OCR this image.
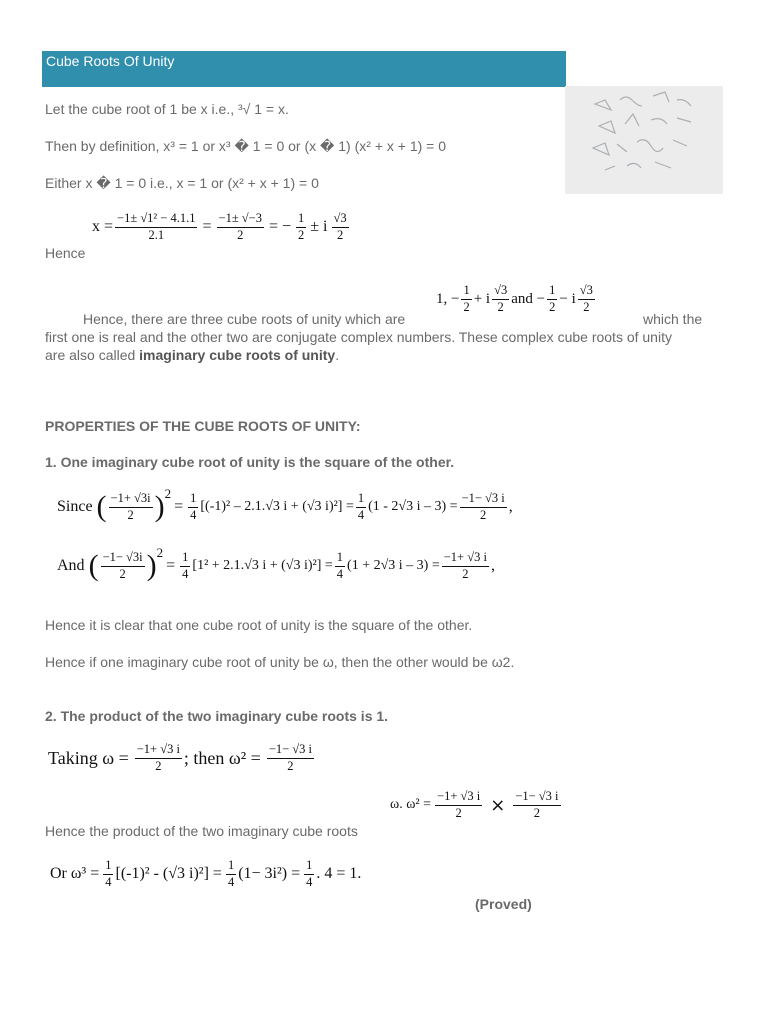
Cube Roots Of Unity
Let the cube root of 1 be x i.e., ³√ 1 = x.
Then by definition, x³ = 1 or x³ � 1 = 0 or (x � 1) (x² + x + 1) = 0
Either x � 1 = 0 i.e., x = 1 or (x² + x + 1) = 0
Hence
$x = \frac{\text{−1± √1² − 4.1.1}}{2.1} = \frac{-1\pm √-3}{2}$ = − $\frac{1}{2} \pm i \frac{√3}{2}$
Hence, there are three cube roots of unity which are
1, − $\frac{1}{2} + i \frac{√3}{2}$ and − $\frac{1}{2} - i \frac{√3}{2}$
which the
first one is real and the other two are conjugate complex numbers. These complex cube roots of unity
are also called imaginary cube roots of unity.
PROPERTIES OF THE CUBE ROOTS OF UNITY:
1. One imaginary cube root of unity is the square of the other.
Since ( $\frac{-1+ √3i}{2}$ ) 2
= $\frac{1}{4} [(-1)^2 - 2.1.√3$ i + (√3 $i)^2] = \frac{1}{4} (1 - 2√3$ $i - 3) = \frac{-1- √3 i}{2}$ ,
And ( $\frac{-1- √3i}{2}$ ) 2
= $\frac{1}{4} [1^2 + 2.1.√3$ i + (√3 $i)^2] = \frac{1}{4} (1 + 2√3$ $i - 3) = \frac{-1+ √3 i}{2}$ ,
Hence it is clear that one cube root of unity is the square of the other.
Hence if one imaginary cube root of unity be ω, then the other would be ω2.
2. The product of the two imaginary cube roots is 1.
Taking $\omega = \frac{-1+ √3 i}{2}$ ; then $\omega^2 = \frac{-1- √3 i}{2}$
ω. $\omega^2 = \frac{-1+ √3 i}{2} \times \frac{-1- √3 i}{2}$
Hence the product of the two imaginary cube roots
Or $\omega^3 = \frac{1}{4} [(-1)^2 - (√3$ $i)^2] = \frac{1}{4} (1- 3i^2) = \frac{1}{4}$ . 4 = 1.
(Proved)
